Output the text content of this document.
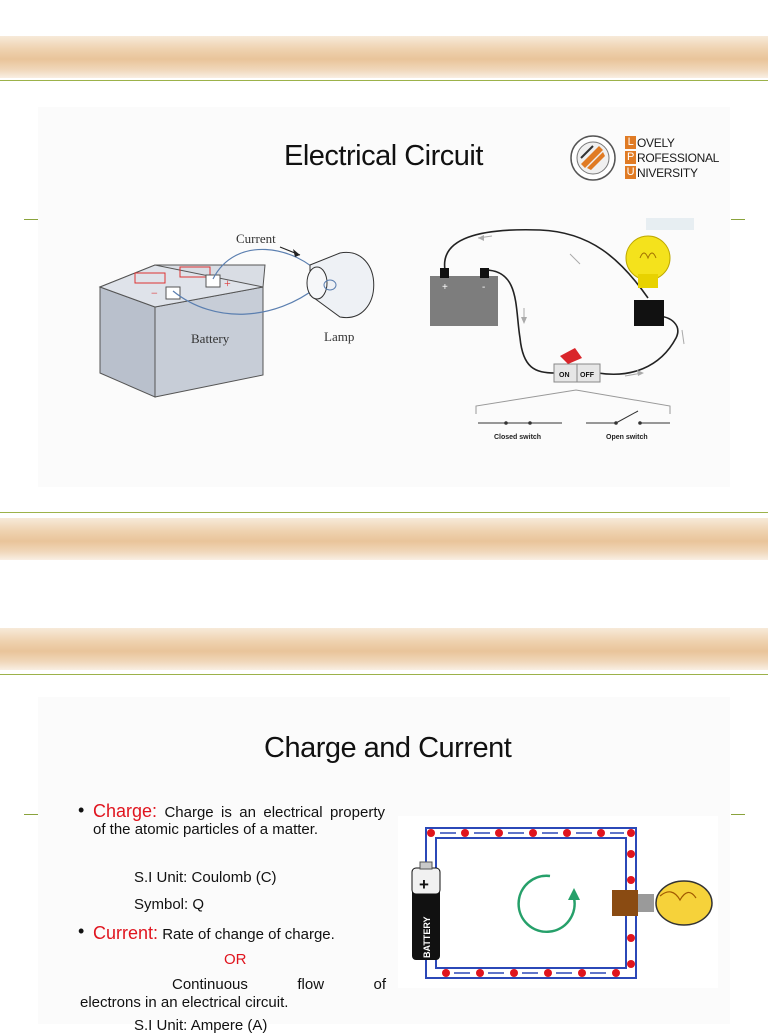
Electrical Circuit	L OVELY
P ROFESSIONAL
U NIVERSITY
−
+
Current
Battery	Lamp
+	-
ON OFF
Closed switch	Open switch
Charge and Current
• Charge: Charge is an electrical property of the atomic particles of a matter.
S.I Unit: Coulomb (C)
Symbol: Q
• Current: Rate of change of charge.
OR
Continuous flow of
electrons in an electrical circuit.
S.I Unit: Ampere (A)
+
BATTERY
